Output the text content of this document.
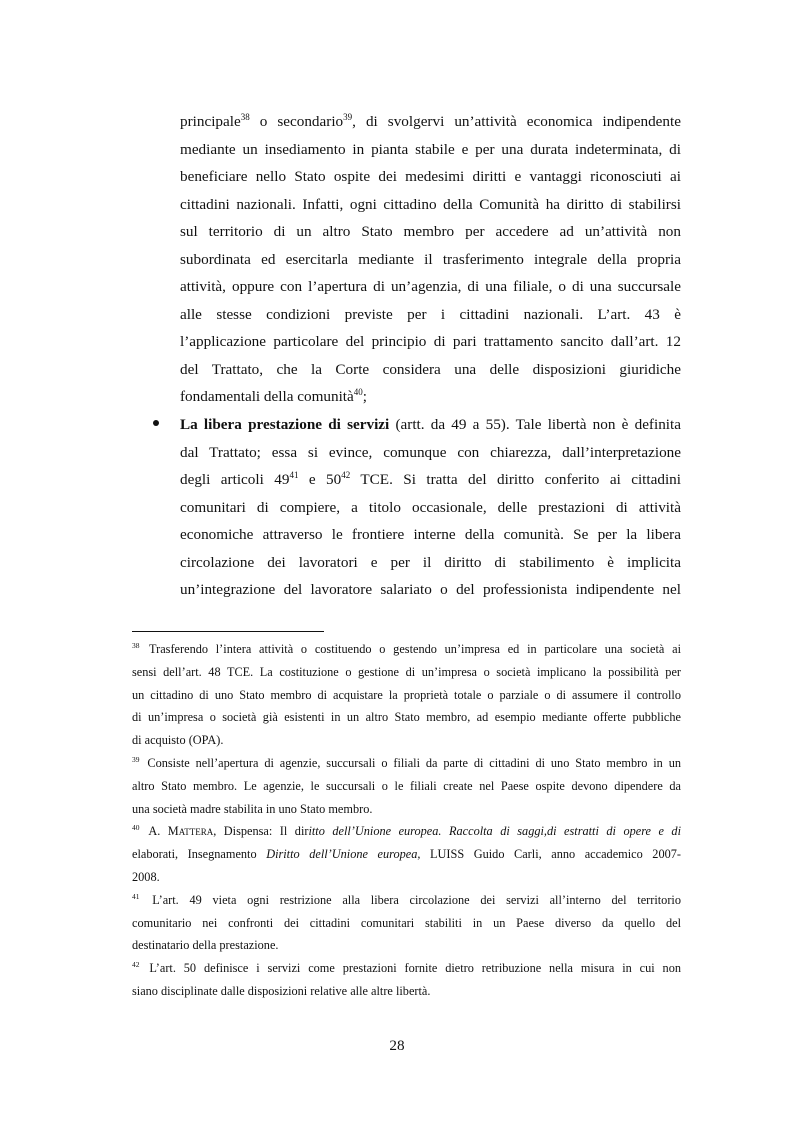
principale$^{38}$ o secondario$^{39}$, di svolgervi un’attività economica indipendente
mediante un insediamento in pianta stabile e per una durata indeterminata, di
beneficiare nello Stato ospite dei medesimi diritti e vantaggi riconosciuti ai
cittadini nazionali. Infatti, ogni cittadino della Comunità ha diritto di stabilirsi
sul territorio di un altro Stato membro per accedere ad un’attività non
subordinata ed esercitarla mediante il trasferimento integrale della propria
attività, oppure con l’apertura di un’agenzia, di una filiale, o di una succursale
alle stesse condizioni previste per i cittadini nazionali. L’art. 43 è
l’applicazione particolare del principio di pari trattamento sancito dall’art. 12
del Trattato, che la Corte considera una delle disposizioni giuridiche
fondamentali della comunità$^{40}$;
La libera prestazione di servizi (artt. da 49 a 55). Tale libertà non è definita
dal Trattato; essa si evince, comunque con chiarezza, dall’interpretazione
degli articoli $49^{41}$ e $50^{42}$ TCE. Si tratta del diritto conferito ai cittadini
comunitari di compiere, a titolo occasionale, delle prestazioni di attività
economiche attraverso le frontiere interne della comunità. Se per la libera
circolazione dei lavoratori e per il diritto di stabilimento è implicita
un’integrazione del lavoratore salariato o del professionista indipendente nel
$^{38}$ Trasferendo l’intera attività o costituendo o gestendo un’impresa ed in particolare una società ai
sensi dell’art. 48 TCE. La costituzione o gestione di un’impresa o società implicano la possibilità per
un cittadino di uno Stato membro di acquistare la proprietà totale o parziale o di assumere il controllo
di un’impresa o società già esistenti in un altro Stato membro, ad esempio mediante offerte pubbliche
di acquisto (OPA).
$^{39}$ Consiste nell’apertura di agenzie, succursali o filiali da parte di cittadini di uno Stato membro in un
altro Stato membro. Le agenzie, le succursali o le filiali create nel Paese ospite devono dipendere da
una società madre stabilita in uno Stato membro.
$^{40}$ A. Mattera, Dispensa: Il diritto dell’Unione europea. Raccolta di saggi,di estratti di opere e di
elaborati, Insegnamento Diritto dell’Unione europea, LUISS Guido Carli, anno accademico 2007-
2008.
$^{41}$ L’art. 49 vieta ogni restrizione alla libera circolazione dei servizi all’interno del territorio
comunitario nei confronti dei cittadini comunitari stabiliti in un Paese diverso da quello del
destinatario della prestazione.
$^{42}$ L’art. 50 definisce i servizi come prestazioni fornite dietro retribuzione nella misura in cui non
siano disciplinate dalle disposizioni relative alle altre libertà.
28
